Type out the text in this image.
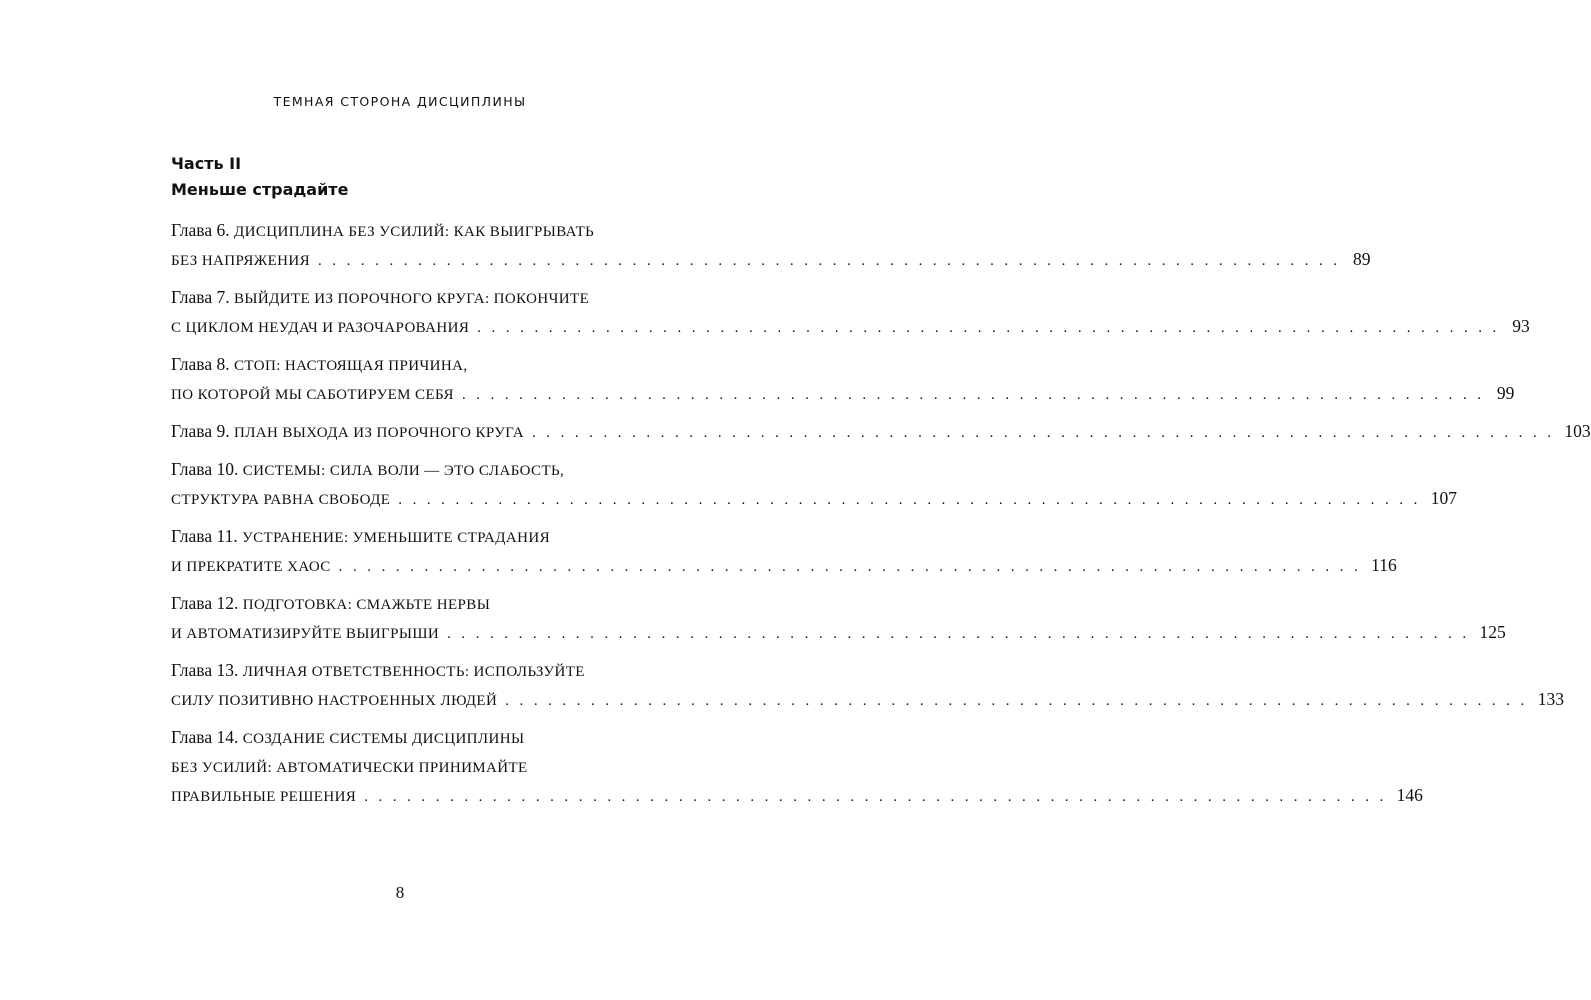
ТЕМНАЯ СТОРОНА ДИСЦИПЛИНЫ
Часть II
Меньше страдайте
Глава 6. ДИСЦИПЛИНА БЕЗ УСИЛИЙ: КАК ВЫИГРЫВАТЬ
БЕЗ НАПРЯЖЕНИЯ . . . . . . . . . . . . . . . . . . . . . . . . . . . . . . . . . . . . . . . . . . . . . . . . . . . . . . . . . . . . . . . . . . . . . . . . 89
Глава 7. ВЫЙДИТЕ ИЗ ПОРОЧНОГО КРУГА: ПОКОНЧИТЕ
С ЦИКЛОМ НЕУДАЧ И РАЗОЧАРОВАНИЯ . . . . . . . . . . . . . . . . . . . . . . . . . . . . . . . . . . . . . . . . . . . . . . . . . . . . . . . . . . . . . . . . . . . . . . . . 93
Глава 8. СТОП: НАСТОЯЩАЯ ПРИЧИНА,
ПО КОТОРОЙ МЫ САБОТИРУЕМ СЕБЯ . . . . . . . . . . . . . . . . . . . . . . . . . . . . . . . . . . . . . . . . . . . . . . . . . . . . . . . . . . . . . . . . . . . . . . . . 99
Глава 9. ПЛАН ВЫХОДА ИЗ ПОРОЧНОГО КРУГА . . . . . . . . . . . . . . . . . . . . . . . . . . . . . . . . . . . . . . . . . . . . . . . . . . . . . . . . . . . . . . . . . . . . . . . . 103
Глава 10. СИСТЕМЫ: СИЛА ВОЛИ — ЭТО СЛАБОСТЬ,
СТРУКТУРА РАВНА СВОБОДЕ . . . . . . . . . . . . . . . . . . . . . . . . . . . . . . . . . . . . . . . . . . . . . . . . . . . . . . . . . . . . . . . . . . . . . . . . 107
Глава 11. УСТРАНЕНИЕ: УМЕНЬШИТЕ СТРАДАНИЯ
И ПРЕКРАТИТЕ ХАОС . . . . . . . . . . . . . . . . . . . . . . . . . . . . . . . . . . . . . . . . . . . . . . . . . . . . . . . . . . . . . . . . . . . . . . . . 116
Глава 12. ПОДГОТОВКА: СМАЖЬТЕ НЕРВЫ
И АВТОМАТИЗИРУЙТЕ ВЫИГРЫШИ . . . . . . . . . . . . . . . . . . . . . . . . . . . . . . . . . . . . . . . . . . . . . . . . . . . . . . . . . . . . . . . . . . . . . . . . 125
Глава 13. ЛИЧНАЯ ОТВЕТСТВЕННОСТЬ: ИСПОЛЬЗУЙТЕ
СИЛУ ПОЗИТИВНО НАСТРОЕННЫХ ЛЮДЕЙ . . . . . . . . . . . . . . . . . . . . . . . . . . . . . . . . . . . . . . . . . . . . . . . . . . . . . . . . . . . . . . . . . . . . . . . . 133
Глава 14. СОЗДАНИЕ СИСТЕМЫ ДИСЦИПЛИНЫ
БЕЗ УСИЛИЙ: АВТОМАТИЧЕСКИ ПРИНИМАЙТЕ
ПРАВИЛЬНЫЕ РЕШЕНИЯ . . . . . . . . . . . . . . . . . . . . . . . . . . . . . . . . . . . . . . . . . . . . . . . . . . . . . . . . . . . . . . . . . . . . . . . . 146
8
